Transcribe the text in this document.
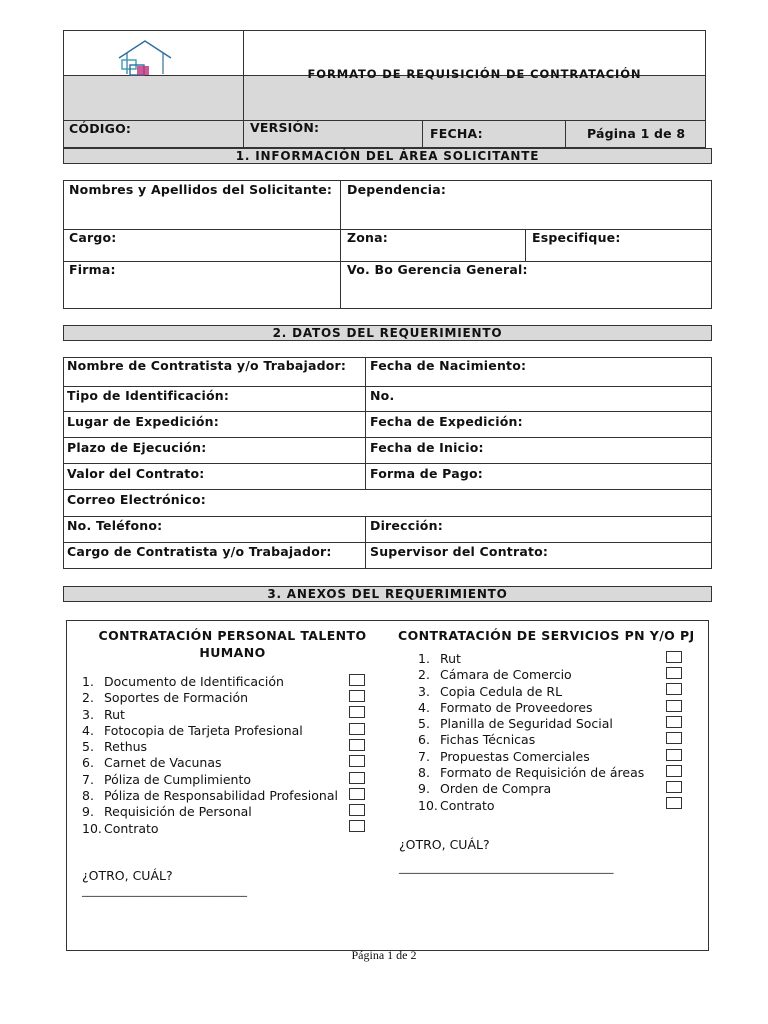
FORMATO DE REQUISICIÓN DE CONTRATACIÓN
CÓDIGO:	VERSIÓN:	FECHA:	Página 1 de 8
1. INFORMACIÓN DEL ÁREA SOLICITANTE
Nombres y Apellidos del Solicitante: Dependencia:
Cargo:	Zona:	Especifique:
Firma:	Vo. Bo Gerencia General:
2. DATOS DEL REQUERIMIENTO
Nombre de Contratista y/o Trabajador: Fecha de Nacimiento:
Tipo de Identificación:	No.
Lugar de Expedición:	Fecha de Expedición:
Plazo de Ejecución:	Fecha de Inicio:
Valor del Contrato:	Forma de Pago:
Correo Electrónico:
No. Teléfono:	Dirección:
Cargo de Contratista y/o Trabajador:	Supervisor del Contrato:
3. ANEXOS DEL REQUERIMIENTO
CONTRATACIÓN PERSONAL TALENTO
HUMANO
1. Documento de Identificación
2. Soportes de Formación
3. Rut
4. Fotocopia de Tarjeta Profesional
5. Rethus
6. Carnet de Vacunas
7. Póliza de Cumplimiento
8. Póliza de Responsabilidad Profesional
9. Requisición de Personal
10. Contrato
¿OTRO, CUÁL?
______________________________
CONTRATACIÓN DE SERVICIOS PN Y/O PJ
1. Rut
2. Cámara de Comercio
3. Copia Cedula de RL
4. Formato de Proveedores
5. Planilla de Seguridad Social
6. Fichas Técnicas
7. Propuestas Comerciales
8. Formato de Requisición de áreas
9. Orden de Compra
10. Contrato
¿OTRO, CUÁL?
_______________________________________
Página 1 de 2
